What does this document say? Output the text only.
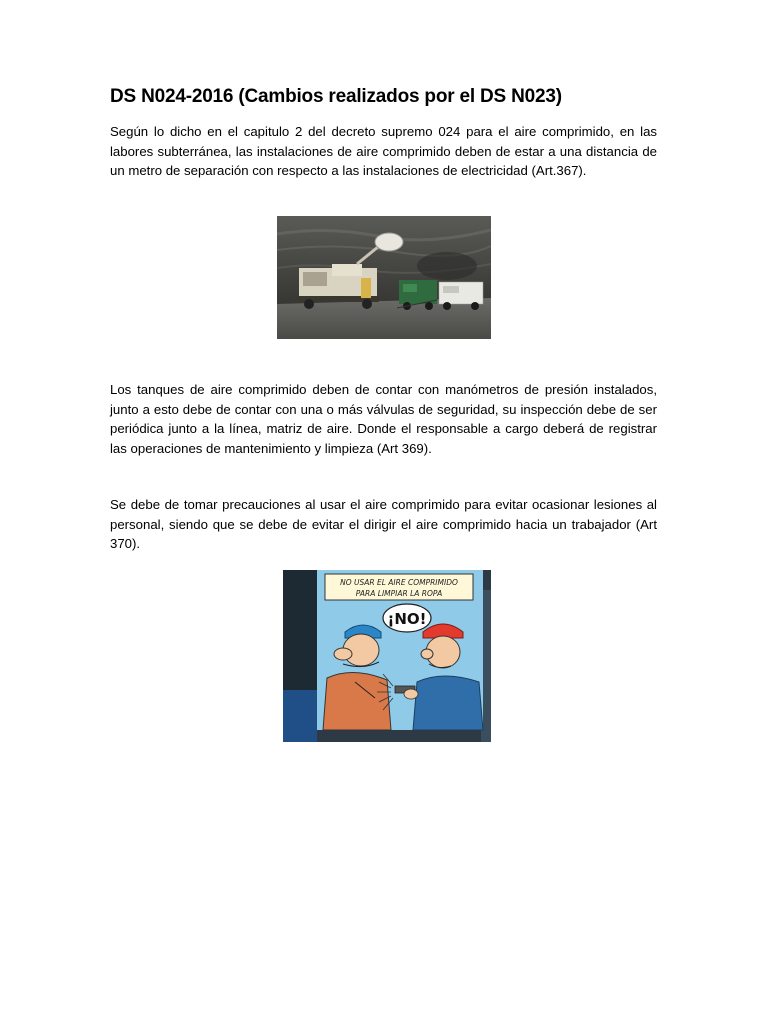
DS N024-2016 (Cambios realizados por el DS N023)

Según lo dicho en el capitulo 2 del decreto supremo 024 para el aire comprimido, en las labores subterránea, las instalaciones de aire comprimido deben de estar a una distancia de un metro de separación con respecto a las instalaciones de electricidad (Art.367).

Los tanques de aire comprimido deben de contar con manómetros de presión instalados, junto a esto debe de contar con una o más válvulas de seguridad, su inspección debe de ser periódica junto a la línea, matriz de aire. Donde el responsable a cargo deberá de registrar las operaciones de mantenimiento y limpieza (Art 369).

Se debe de tomar precauciones al usar el aire comprimido para evitar ocasionar lesiones al personal, siendo que se debe de evitar el dirigir el aire comprimido hacia un trabajador (Art 370).

NO USAR EL AIRE COMPRIMIDO
PARA LIMPIAR LA ROPA
¡NO!
